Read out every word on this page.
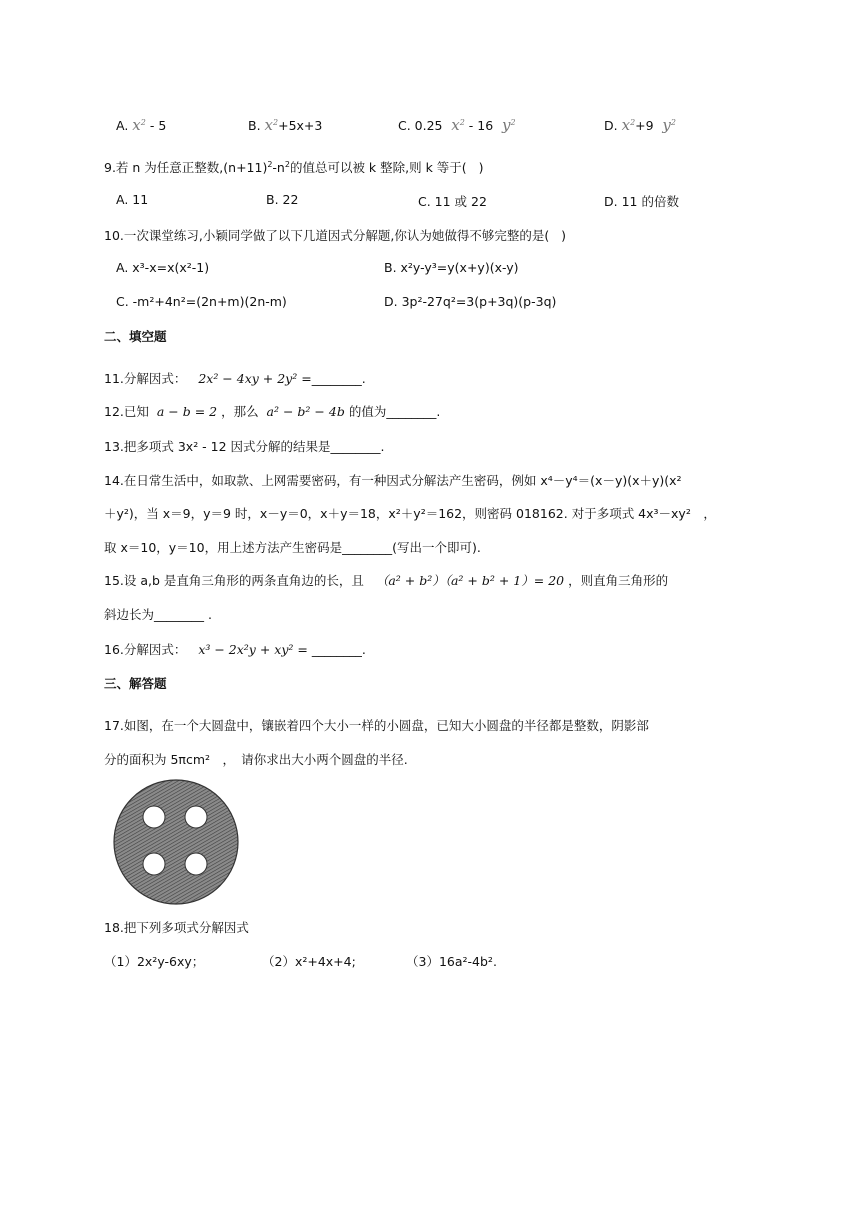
A. $x^2 - 5$	B. $x^2+5x+3$	C. 0.25  $x^2 - 16$  $y^2$	D. $x^2+9$  $y^2$
9.若 n 为任意正整数$,(n+11)^2-n^2$的值总可以被 k 整除,则 k 等于( )
A. 11	B. 22	C. 11 或 22	D. 11 的倍数
10.一次课堂练习,小颖同学做了以下几道因式分解题,你认为她做得不够完整的是( )
A. x³-x=x(x²-1)	B. x²y-y³=y(x+y)(x-y)
C. -m²+4n²=(2n+m)(2n-m)	D. 3p²-27q²=3(p+3q)(p-3q)
二、填空题
11.分解因式： 2x² − 4xy + 2y² =________.
12.已知 a − b = 2 ，那么 a² − b² − 4b 的值为________.
13.把多项式 3x² - 12 因式分解的结果是________.
14.在日常生活中，如取款、上网需要密码，有一种因式分解法产生密码，例如 x⁴－y⁴＝(x－y)(x＋y)(x²
＋y²)，当 x＝9，y＝9 时，x－y＝0，x＋y＝18，x²＋y²＝162，则密码 018162. 对于多项式 4x³－xy²　，
取 x＝10，y＝10，用上述方法产生密码是________(写出一个即可).
15.设 a,b 是直角三角形的两条直角边的长，且 （a² + b²）（a² + b² + 1）= 20 ，则直角三角形的
斜边长为________ .
16.分解因式： x³ − 2x²y + xy² = ________.
三、解答题
17.如图，在一个大圆盘中，镶嵌着四个大小一样的小圆盘，已知大小圆盘的半径都是整数，阴影部
分的面积为 5πcm²　，　请你求出大小两个圆盘的半径.
18.把下列多项式分解因式
（1）2x²y-6xy；	（2）x²+4x+4;	（3）16a²-4b².
